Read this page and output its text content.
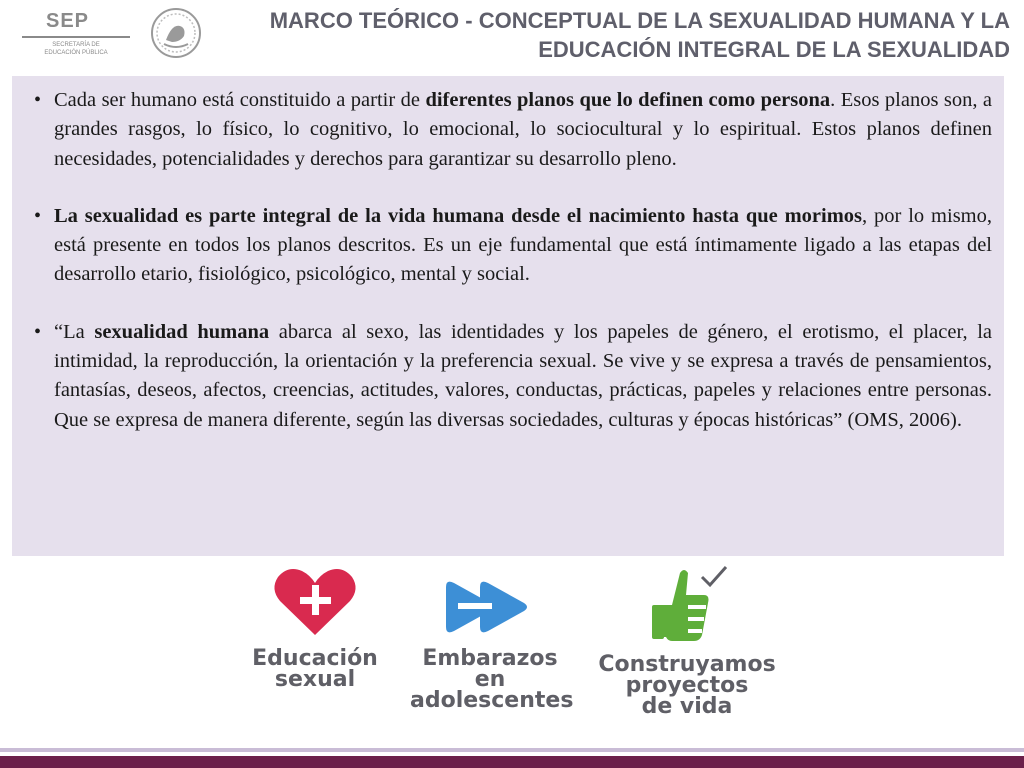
SEP
SECRETARÍA DE
EDUCACIÓN PÚBLICA
MARCO TEÓRICO - CONCEPTUAL DE LA SEXUALIDAD HUMANA Y LA
EDUCACIÓN INTEGRAL DE LA SEXUALIDAD
• Cada ser humano está constituido a partir de diferentes planos que lo definen como persona. Esos planos son, a grandes rasgos, lo físico, lo cognitivo, lo emocional, lo sociocultural y lo espiritual. Estos planos definen necesidades, potencialidades y derechos para garantizar su desarrollo pleno.
• La sexualidad es parte integral de la vida humana desde el nacimiento hasta que morimos, por lo mismo, está presente en todos los planos descritos. Es un eje fundamental que está íntimamente ligado a las etapas del desarrollo etario, fisiológico, psicológico, mental y social.
• “La sexualidad humana abarca al sexo, las identidades y los papeles de género, el erotismo, el placer, la intimidad, la reproducción, la orientación y la preferencia sexual. Se vive y se expresa a través de pensamientos, fantasías, deseos, afectos, creencias, actitudes, valores, conductas, prácticas, papeles y relaciones entre personas. Que se expresa de manera diferente, según las diversas sociedades, culturas y épocas históricas” (OMS, 2006).
Educación
sexual
Embarazos
en
adolescentes
Construyamos
proyectos
de vida
